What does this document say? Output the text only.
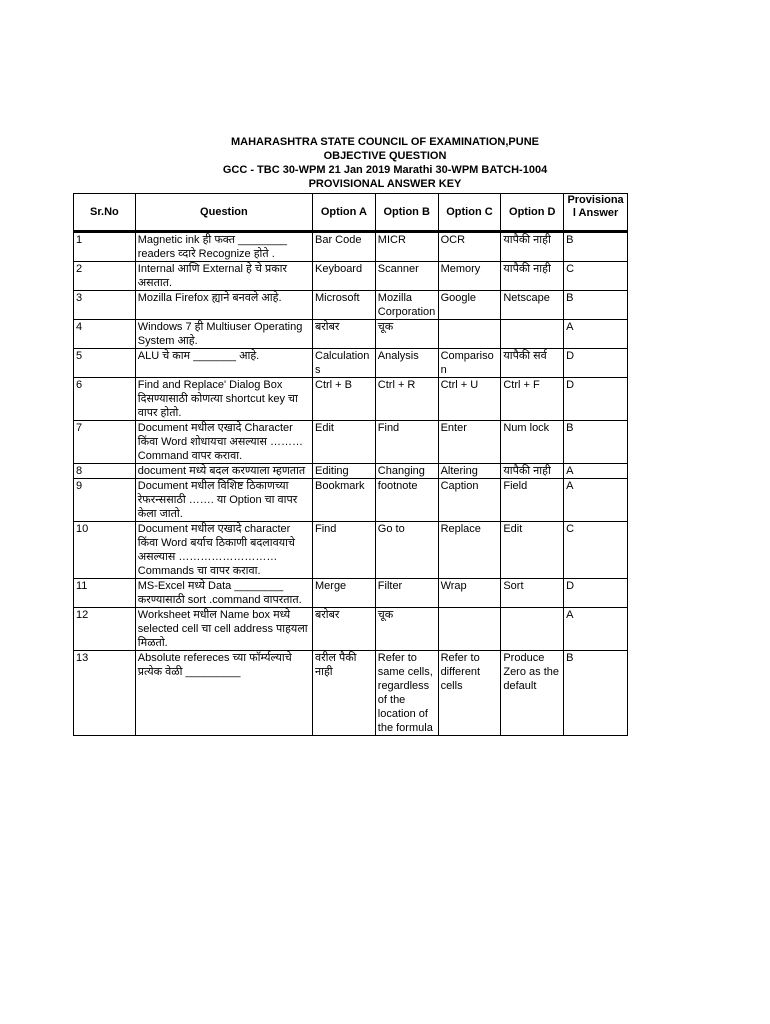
MAHARASHTRA STATE COUNCIL OF EXAMINATION,PUNE
OBJECTIVE QUESTION
GCC - TBC 30-WPM 21 Jan 2019 Marathi 30-WPM BATCH-1004
PROVISIONAL ANSWER KEY
Sr.No	Question	Option A	Option B	Option C	Option D	Provisional Answer
1	Magnetic ink ही फक्त ________ readers व्दारे Recognize होते .	Bar Code	MICR	OCR	यापैकी नाही	B
2	Internal आणि External हे चे प्रकार असतात.	Keyboard	Scanner	Memory	यापैकी नाही	C
3	Mozilla Firefox ह्याने बनवले आहे.	Microsoft	Mozilla Corporation	Google	Netscape	B
4	Windows 7 ही Multiuser Operating System आहे.	बरोबर	चूक			A
5	ALU चे काम _______ आहे.	Calculations	Analysis	Comparison	यापैकी सर्व	D
6	Find and Replace' Dialog Box दिसण्यासाठी कोणत्या shortcut key चा वापर होतो.	Ctrl + B	Ctrl + R	Ctrl + U	Ctrl + F	D
7	Document मधील एखादे Character किंवा Word शोधायचा असल्यास ………Command वापर करावा.	Edit	Find	Enter	Num lock	B
8	document मध्ये बदल करण्याला म्हणतात	Editing	Changing	Altering	यापैकी नाही	A
9	Document मधील विशिष्ट ठिकाणच्या रेफरन्ससाठी ……. या Option चा वापर केला जातो.	Bookmark	footnote	Caption	Field	A
10	Document मधील एखादे character किंवा Word बर्याच ठिकाणी बदलावयाचे असल्यास ……………………… Commands चा वापर करावा.	Find	Go to	Replace	Edit	C
11	MS-Excel मध्ये Data ________ करण्यासाठी sort .command वापरतात.	Merge	Filter	Wrap	Sort	D
12	Worksheet मधील Name box मध्ये selected cell चा cell address पाहयला मिळतो.	बरोबर	चूक			A
13	Absolute refereces च्या फॉर्म्यल्याचे प्रत्येक वेळी _________	वरील पैकी नाही	Refer to same cells, regardless of the location of the formula	Refer to different cells	Produce Zero as the default	B
